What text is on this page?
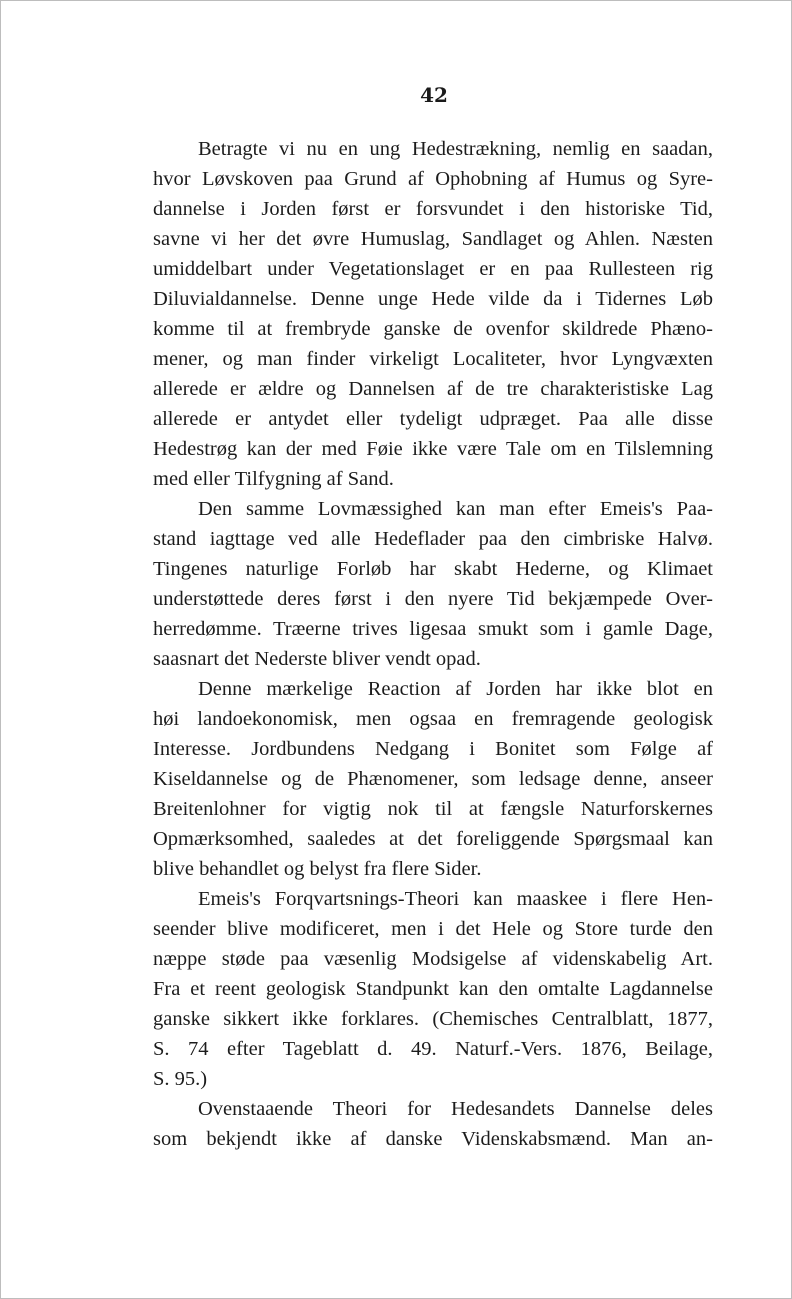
42
Betragte vi nu en ung Hedestrækning, nemlig en saadan,
hvor Løvskoven paa Grund af Ophobning af Humus og Syre-
dannelse i Jorden først er forsvundet i den historiske Tid,
savne vi her det øvre Humuslag, Sandlaget og Ahlen. Næsten
umiddelbart under Vegetationslaget er en paa Rullesteen rig
Diluvialdannelse. Denne unge Hede vilde da i Tidernes Løb
komme til at frembryde ganske de ovenfor skildrede Phæno-
mener, og man finder virkeligt Localiteter, hvor Lyngvæxten
allerede er ældre og Dannelsen af de tre charakteristiske Lag
allerede er antydet eller tydeligt udpræget. Paa alle disse
Hedestrøg kan der med Føie ikke være Tale om en Tilslemning
med eller Tilfygning af Sand.
Den samme Lovmæssighed kan man efter Emeis's Paa-
stand iagttage ved alle Hedeflader paa den cimbriske Halvø.
Tingenes naturlige Forløb har skabt Hederne, og Klimaet
understøttede deres først i den nyere Tid bekjæmpede Over-
herredømme. Træerne trives ligesaa smukt som i gamle Dage,
saasnart det Nederste bliver vendt opad.
Denne mærkelige Reaction af Jorden har ikke blot en
høi landoekonomisk, men ogsaa en fremragende geologisk
Interesse. Jordbundens Nedgang i Bonitet som Følge af
Kiseldannelse og de Phænomener, som ledsage denne, anseer
Breitenlohner for vigtig nok til at fængsle Naturforskernes
Opmærksomhed, saaledes at det foreliggende Spørgsmaal kan
blive behandlet og belyst fra flere Sider.
Emeis's Forqvartsnings-Theori kan maaskee i flere Hen-
seender blive modificeret, men i det Hele og Store turde den
næppe støde paa væsenlig Modsigelse af videnskabelig Art.
Fra et reent geologisk Standpunkt kan den omtalte Lagdannelse
ganske sikkert ikke forklares. (Chemisches Centralblatt, 1877,
S. 74 efter Tageblatt d. 49. Naturf.-Vers. 1876, Beilage,
S. 95.)
Ovenstaaende Theori for Hedesandets Dannelse deles
som bekjendt ikke af danske Videnskabsmænd. Man an-
